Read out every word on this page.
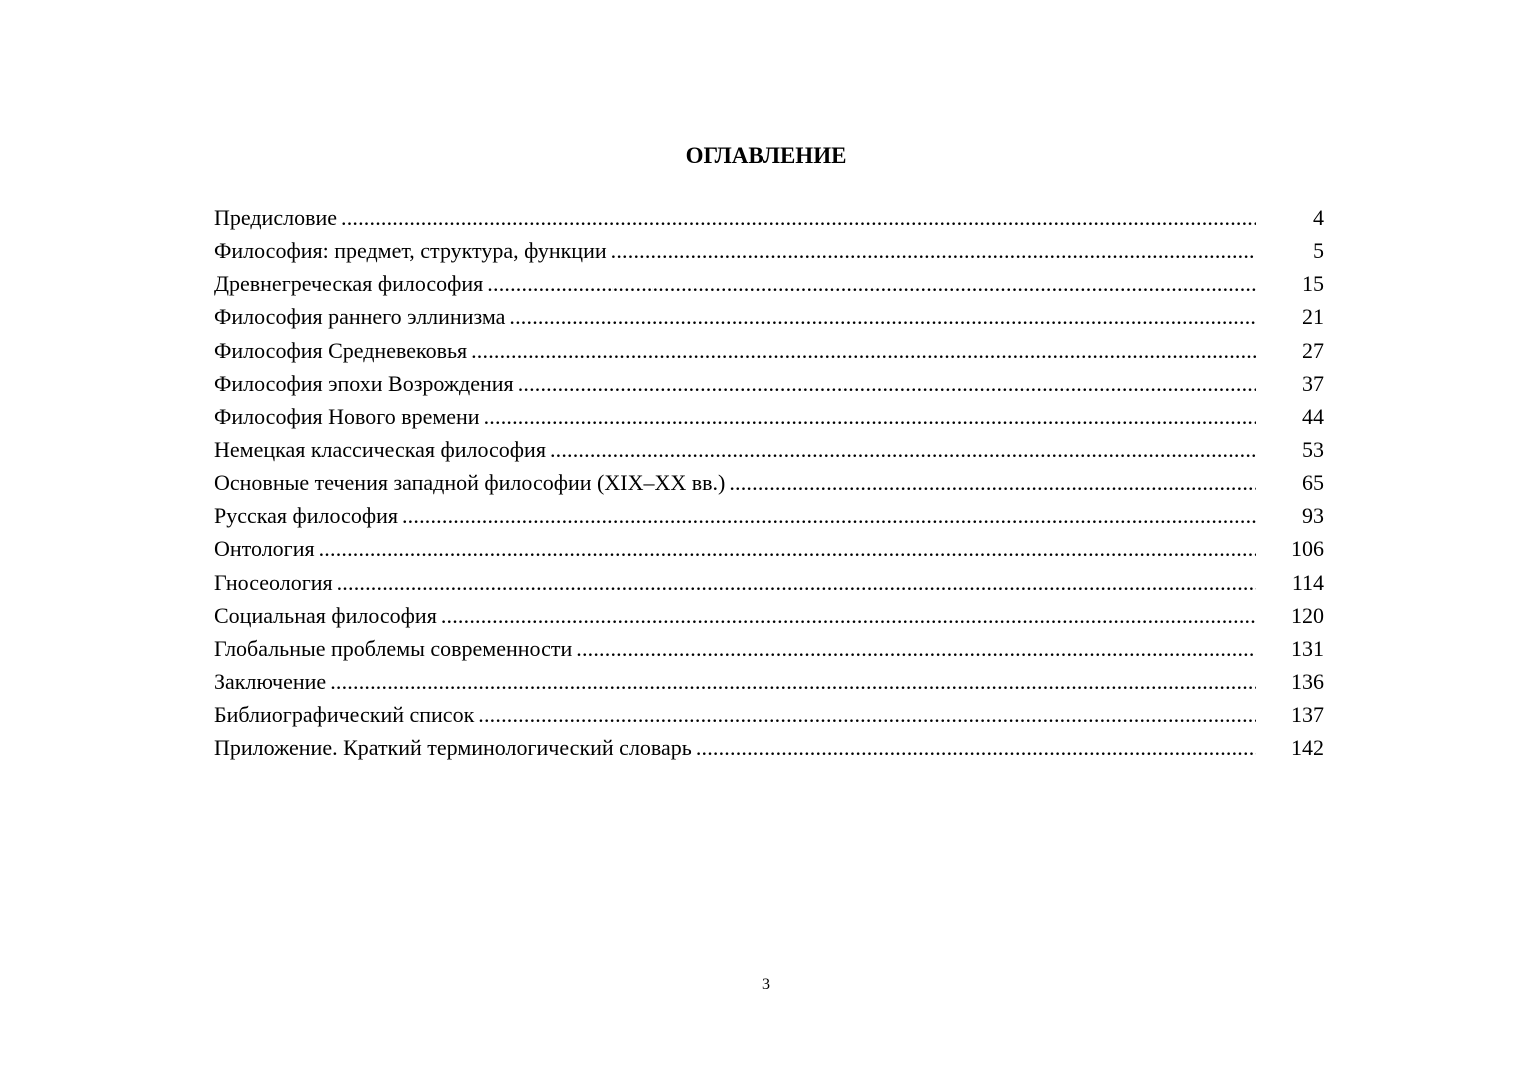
ОГЛАВЛЕНИЕ
Предисловие .....	4
Философия: предмет, структура, функции .....	5
Древнегреческая философия .....	15
Философия раннего эллинизма .....	21
Философия Средневековья .....	27
Философия эпохи Возрождения .....	37
Философия Нового времени .....	44
Немецкая классическая философия .....	53
Основные течения западной философии (XIX–XX вв.) .....	65
Русская философия .....	93
Онтология .....	106
Гносеология .....	114
Социальная философия .....	120
Глобальные проблемы современности .....	131
Заключение .....	136
Библиографический список .....	137
Приложение. Краткий терминологический словарь .....	142

3
